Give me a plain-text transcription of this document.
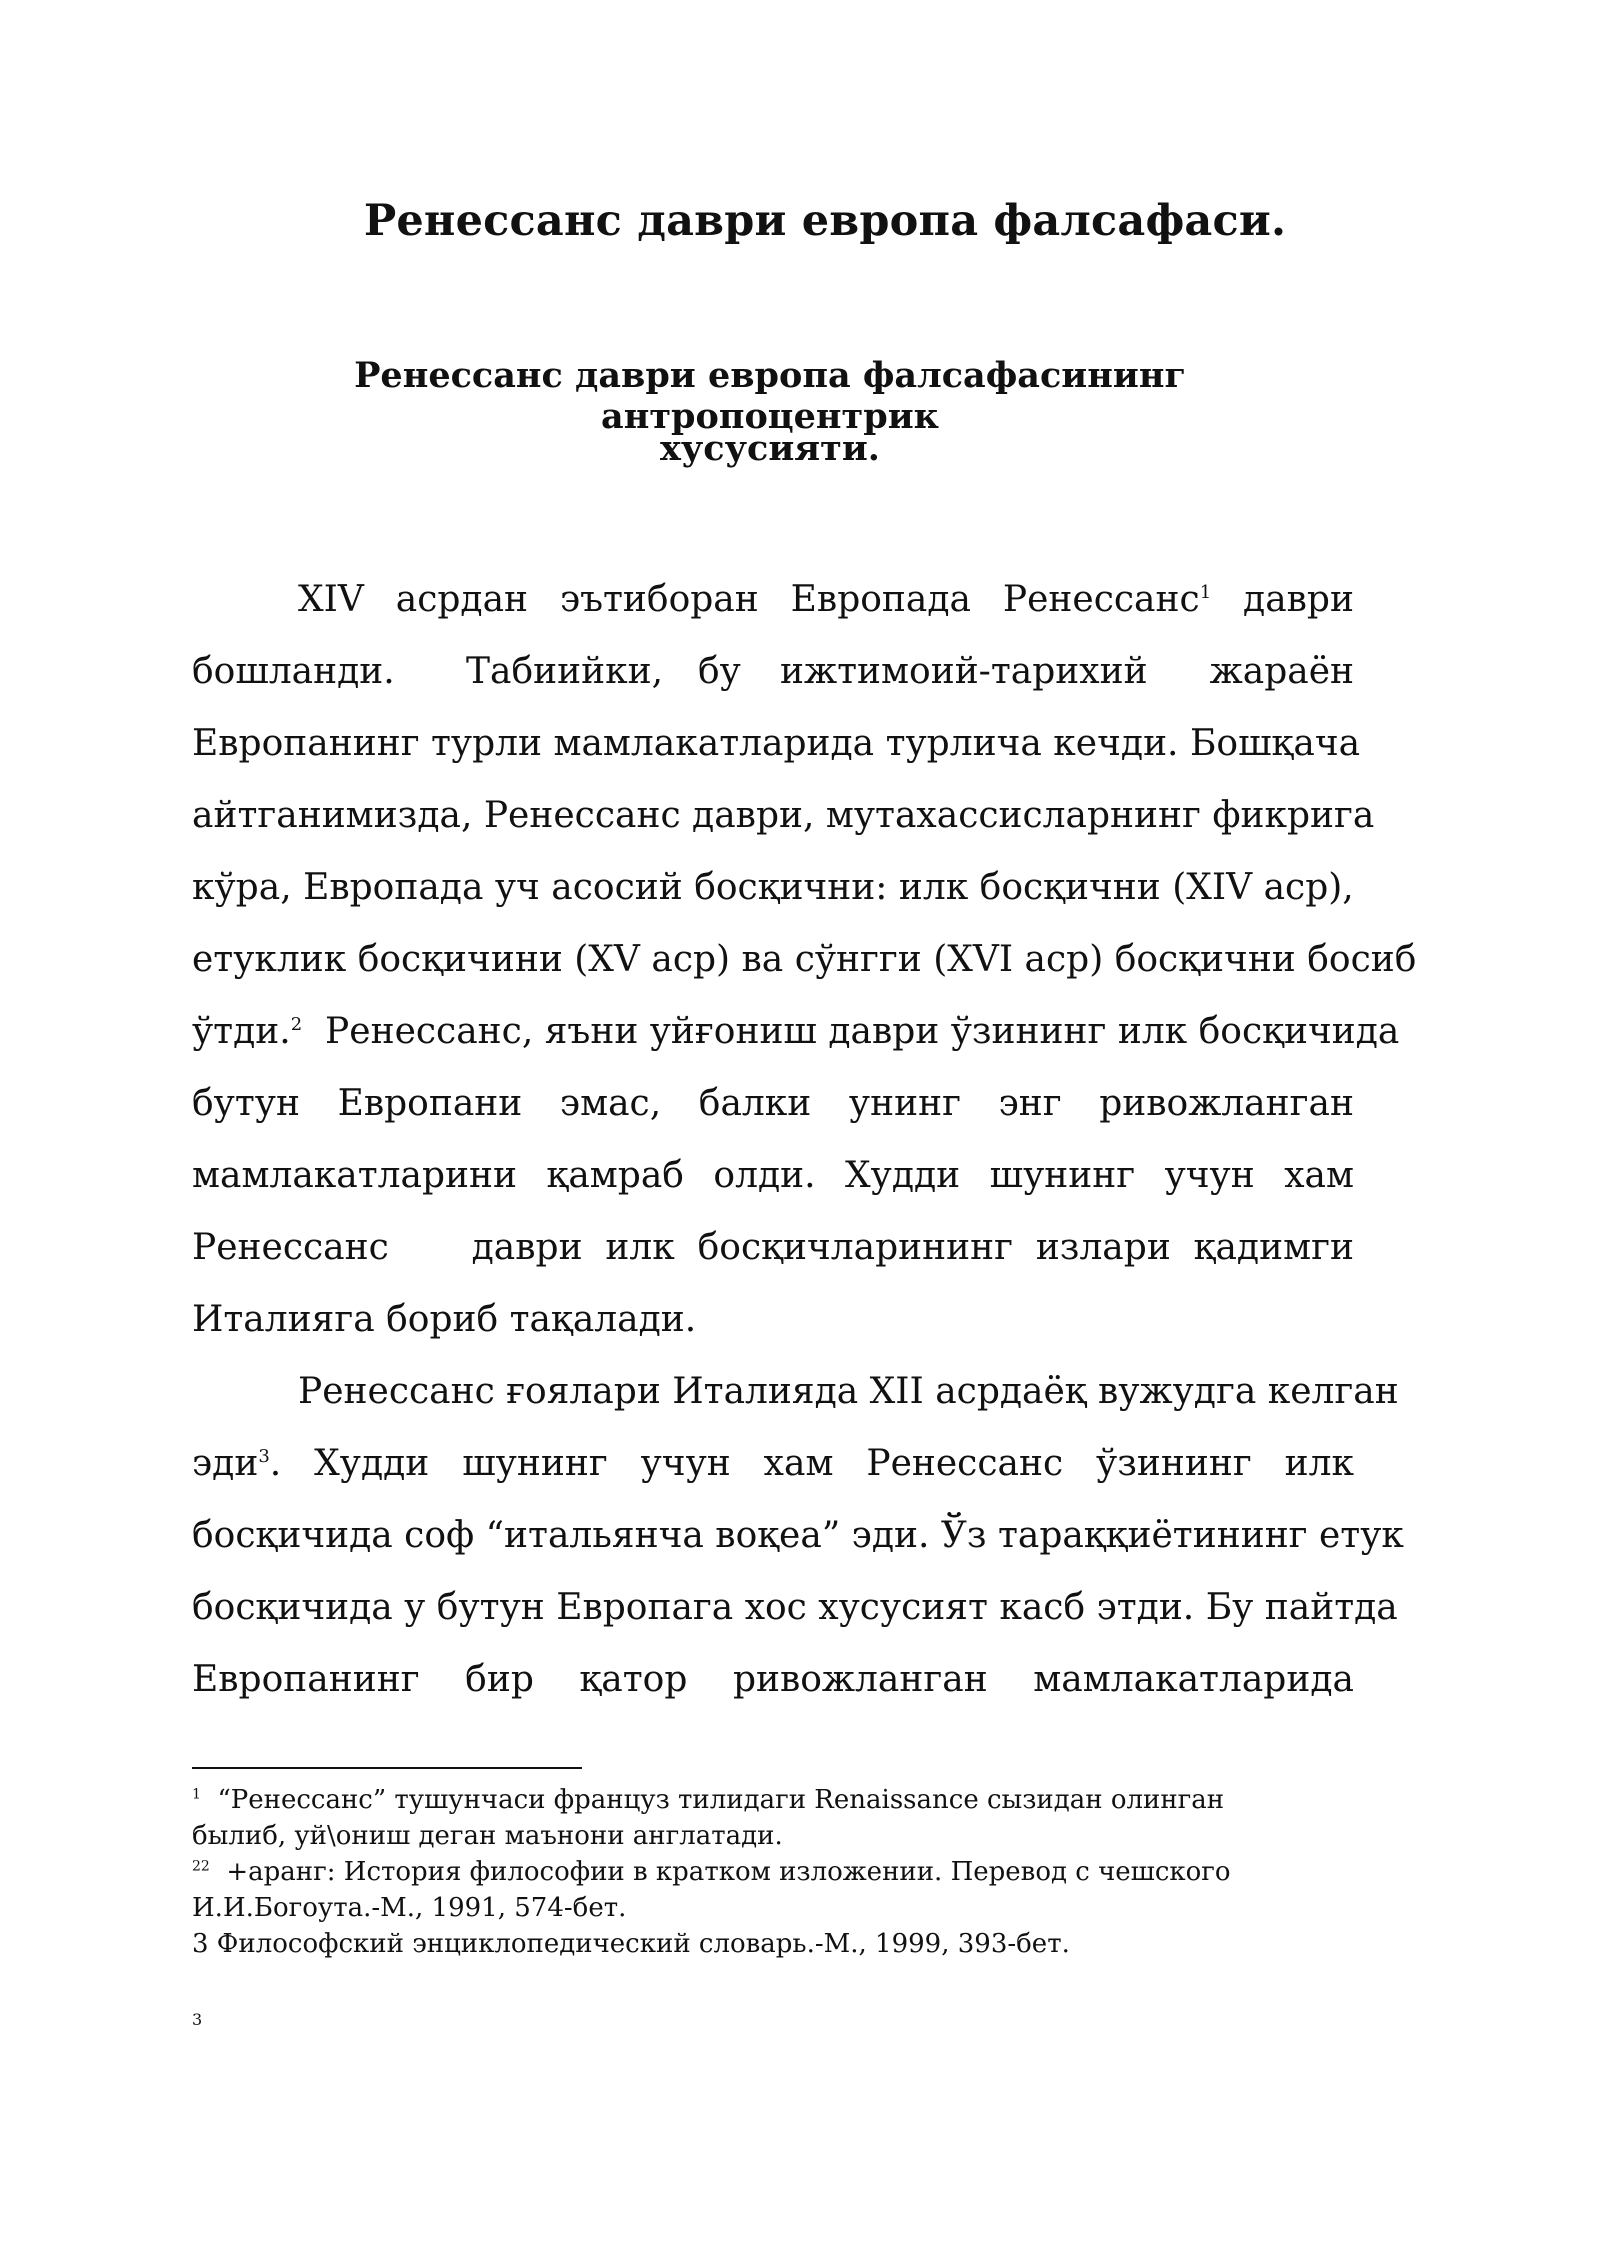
Ренессанс даври европа фалсафаси.
Ренессанс даври европа фалсафасининг антропоцентрик
хусусияти.
XIV асрдан эътиборан Европада Ренессанс$^1$ даври
бошланди. Табиийки, бу ижтимоий-тарихий жараён
Европанинг турли мамлакатларида турлича кечди. Бошқача
айтганимизда, Ренессанс даври, мутахассисларнинг фикрига
кўра, Европада уч асосий босқични: илк босқични (XIV аср),
етуклик босқичини (XV аср) ва сўнгги (XVI аср) босқични босиб
ўтди.$^2$ Ренессанс, яъни уйғониш даври ўзининг илк босқичида
бутун Европани эмас, балки унинг энг ривожланган
мамлакатларини қамраб олди. Худди шунинг учун хам
Ренессанс даври илк босқичларининг излари қадимги
Италияга бориб тақалади.
Ренессанс ғоялари Италияда XII асрдаёқ вужудга келган
эди$^3$. Худди шунинг учун хам Ренессанс ўзининг илк
босқичида соф “итальянча воқеа” эди. Ўз тараққиётининг етук
босқичида у бутун Европага хос хусусият касб этди. Бу пайтда
Европанинг бир қатор ривожланган мамлакатларида
$^1$ “Ренессанс” тушунчаси француз тилидаги Renaissance сызидан олинган
былиб, уй\ониш деган маънони англатади.
$^{22}$ +аранг: История философии в кратком изложении. Перевод с чешского
И.И.Богоута.-М., 1991, 574-бет.
3 Философский энциклопедический словарь.-М., 1999, 393-бет.
3
